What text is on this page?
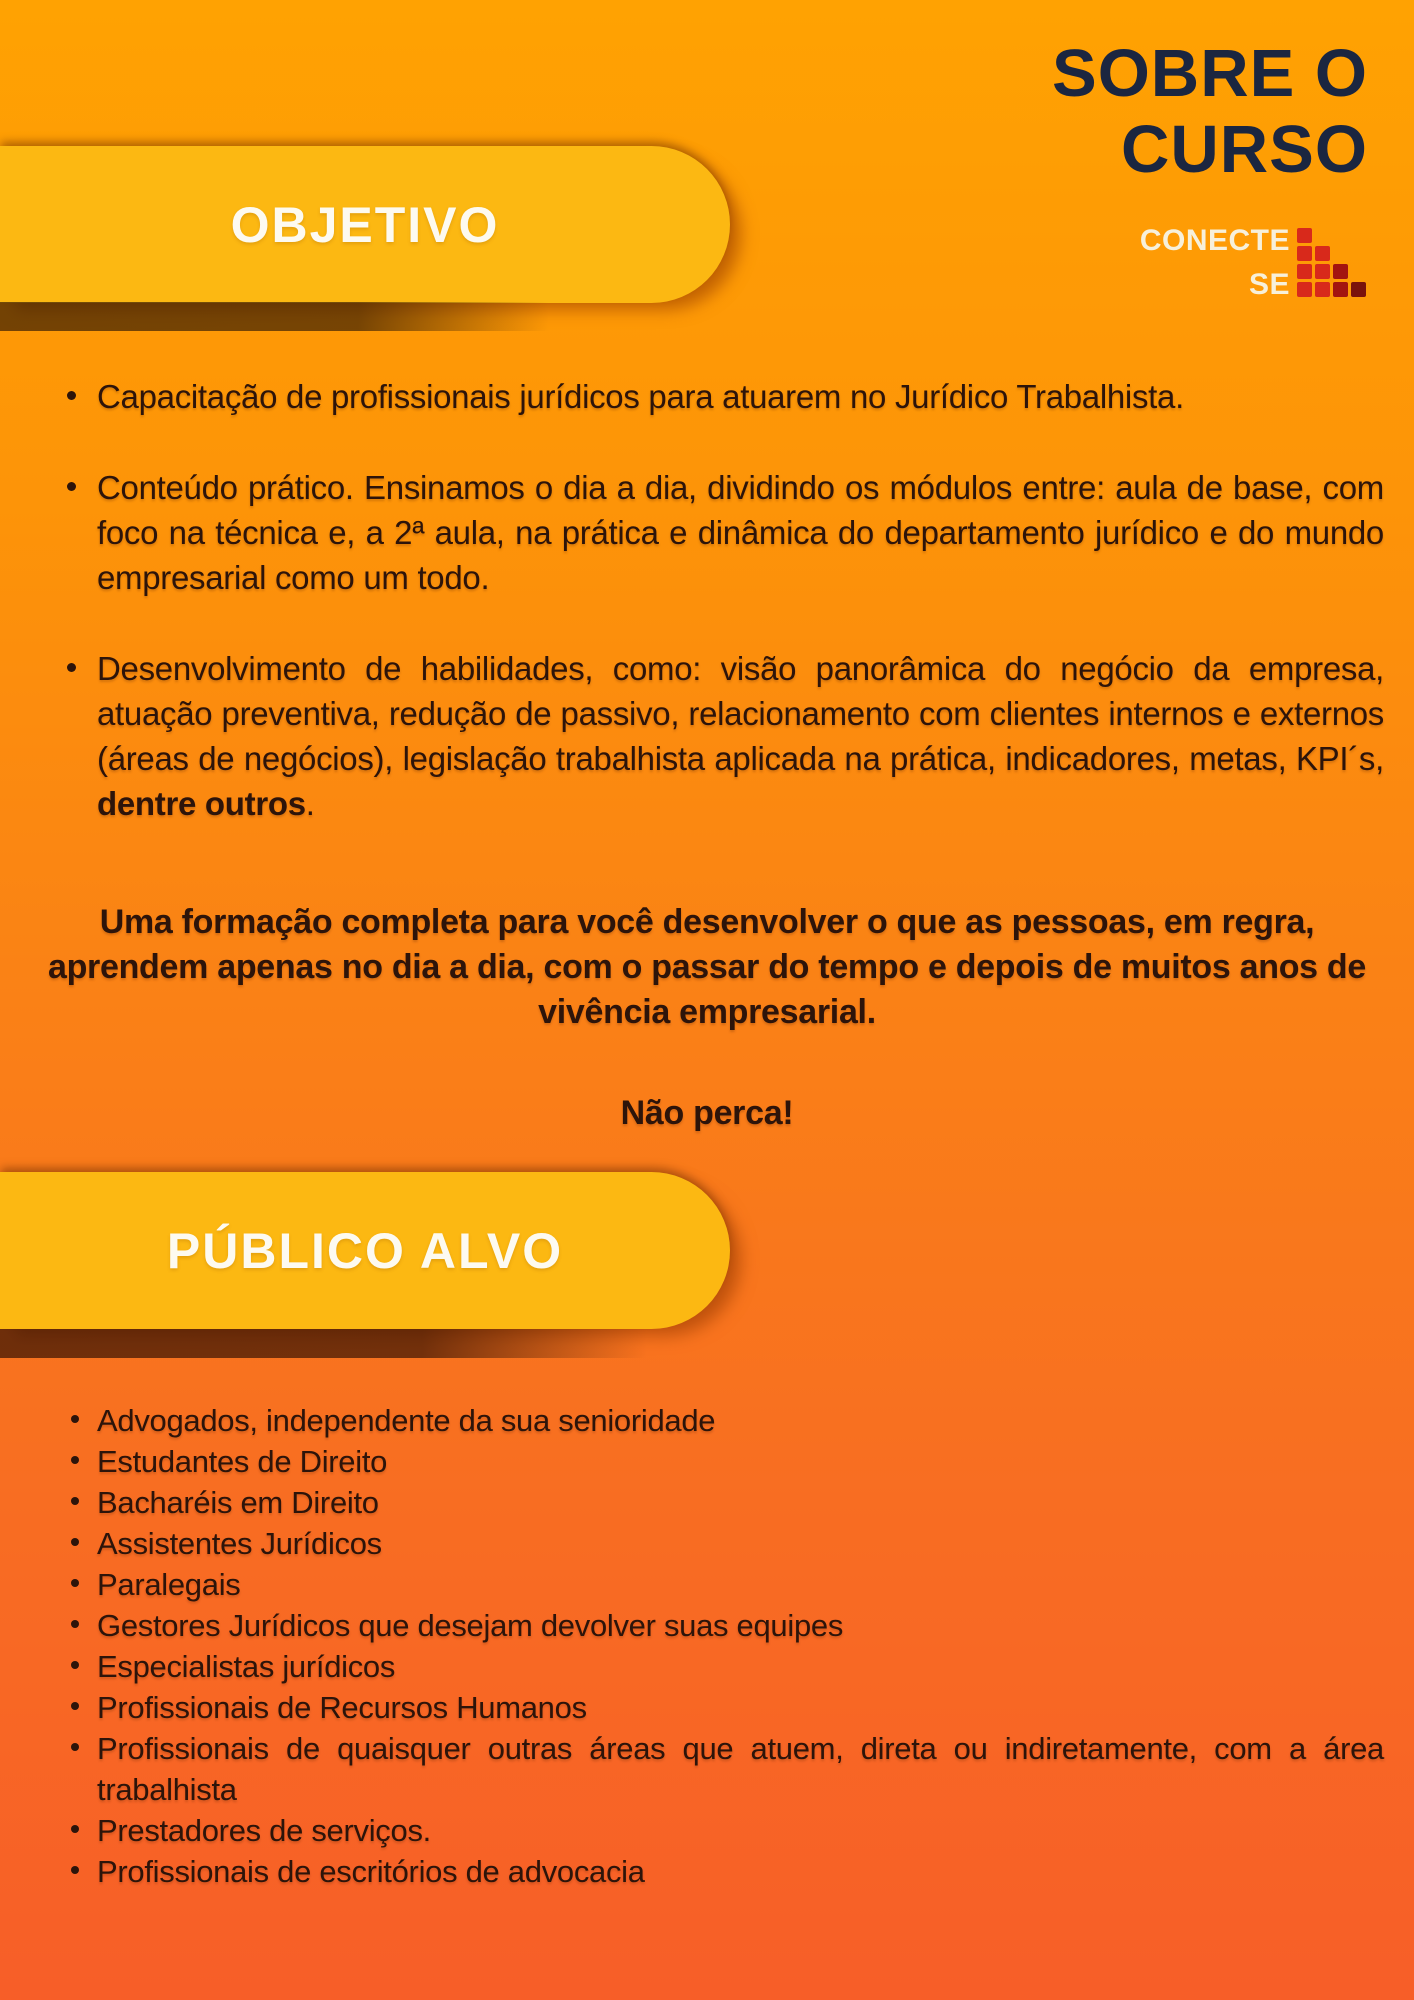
SOBRE O
CURSO
CONECTE
SE
OBJETIVO
Capacitação de profissionais jurídicos para atuarem no Jurídico Trabalhista.
Conteúdo prático. Ensinamos o dia a dia, dividindo os módulos entre: aula de base, com foco na técnica e, a 2ª aula, na prática e dinâmica do departamento jurídico e do mundo empresarial como um todo.
Desenvolvimento de habilidades, como: visão panorâmica do negócio da empresa, atuação preventiva, redução de passivo, relacionamento com clientes internos e externos (áreas de negócios), legislação trabalhista aplicada na prática, indicadores, metas, KPI´s, dentre outros.

Uma formação completa para você desenvolver o que as pessoas, em regra, aprendem apenas no dia a dia, com o passar do tempo e depois de muitos anos de vivência empresarial.

Não perca!

PÚBLICO ALVO
Advogados, independente da sua senioridade
Estudantes de Direito
Bacharéis em Direito
Assistentes Jurídicos
Paralegais
Gestores Jurídicos que desejam devolver suas equipes
Especialistas jurídicos
Profissionais de Recursos Humanos
Profissionais de quaisquer outras áreas que atuem, direta ou indiretamente, com a área trabalhista
Prestadores de serviços.
Profissionais de escritórios de advocacia
